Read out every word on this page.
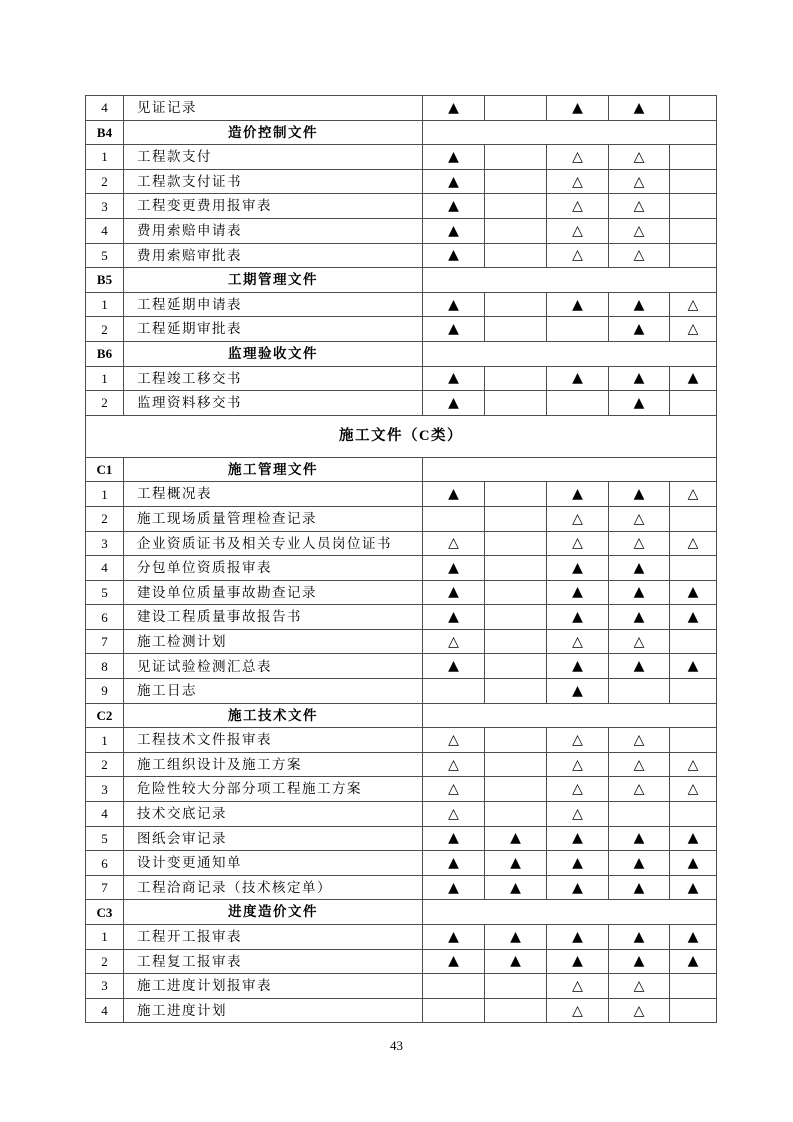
4	见证记录	▲		▲	▲	
B4	造价控制文件					
1	工程款支付	▲		△	△	
2	工程款支付证书	▲		△	△	
3	工程变更费用报审表	▲		△	△	
4	费用索赔申请表	▲		△	△	
5	费用索赔审批表	▲		△	△	
B5	工期管理文件					
1	工程延期申请表	▲		▲	▲	△
2	工程延期审批表	▲			▲	△
B6	监理验收文件					
1	工程竣工移交书	▲		▲	▲	▲
2	监理资料移交书	▲			▲	
施工文件（C类）						
C1	施工管理文件					
1	工程概况表	▲		▲	▲	△
2	施工现场质量管理检查记录			△	△	
3	企业资质证书及相关专业人员岗位证书	△		△	△	△
4	分包单位资质报审表	▲		▲	▲	
5	建设单位质量事故勘查记录	▲		▲	▲	▲
6	建设工程质量事故报告书	▲		▲	▲	▲
7	施工检测计划	△		△	△	
8	见证试验检测汇总表	▲		▲	▲	▲
9	施工日志			▲		
C2	施工技术文件					
1	工程技术文件报审表	△		△	△	
2	施工组织设计及施工方案	△		△	△	△
3	危险性较大分部分项工程施工方案	△		△	△	△
4	技术交底记录	△		△		
5	图纸会审记录	▲	▲	▲	▲	▲
6	设计变更通知单	▲	▲	▲	▲	▲
7	工程洽商记录（技术核定单）	▲	▲	▲	▲	▲
C3	进度造价文件					
1	工程开工报审表	▲	▲	▲	▲	▲
2	工程复工报审表	▲	▲	▲	▲	▲
3	施工进度计划报审表			△	△	
4	施工进度计划			△	△	
43
